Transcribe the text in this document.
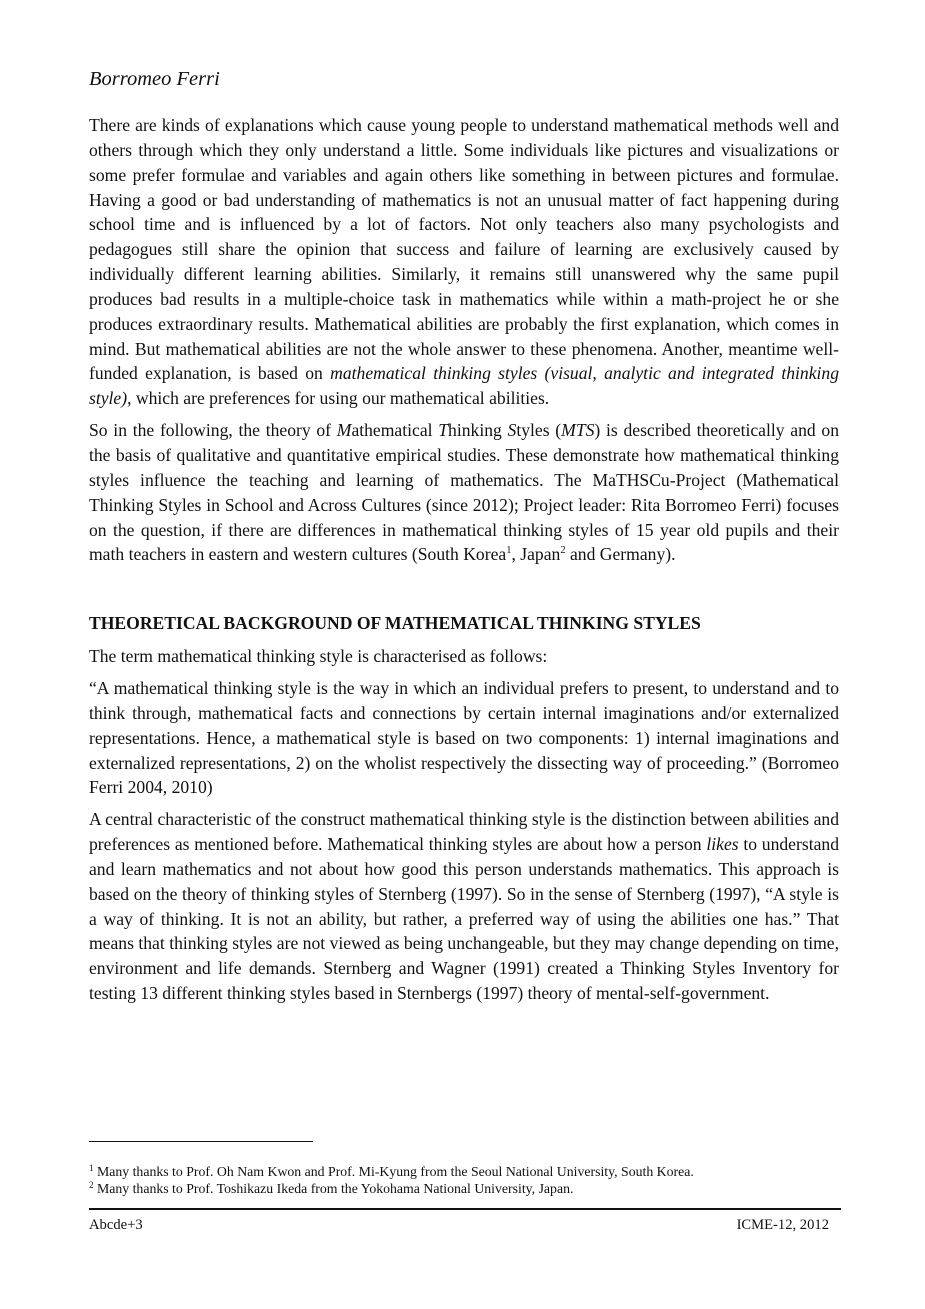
Borromeo Ferri

There are kinds of explanations which cause young people to understand mathematical methods well and others through which they only understand a little. Some individuals like pictures and visualizations or some prefer formulae and variables and again others like something in between pictures and formulae. Having a good or bad understanding of mathematics is not an unusual matter of fact happening during school time and is influenced by a lot of factors. Not only teachers also many psychologists and pedagogues still share the opinion that success and failure of learning are exclusively caused by individually different learning abilities. Similarly, it remains still unanswered why the same pupil produces bad results in a multiple-choice task in mathematics while within a math-project he or she produces extraordinary results. Mathematical abilities are probably the first explanation, which comes in mind. But mathematical abilities are not the whole answer to these phenomena. Another, meantime well-funded explanation, is based on mathematical thinking styles (visual, analytic and integrated thinking style), which are preferences for using our mathematical abilities.

So in the following, the theory of Mathematical Thinking Styles (MTS) is described theoretically and on the basis of qualitative and quantitative empirical studies. These demonstrate how mathematical thinking styles influence the teaching and learning of mathematics. The MaTHSCu-Project (Mathematical Thinking Styles in School and Across Cultures (since 2012); Project leader: Rita Borromeo Ferri) focuses on the question, if there are differences in mathematical thinking styles of 15 year old pupils and their math teachers in eastern and western cultures (South Korea$^1$, Japan$^2$ and Germany).

THEORETICAL BACKGROUND OF MATHEMATICAL THINKING STYLES

The term mathematical thinking style is characterised as follows:

“A mathematical thinking style is the way in which an individual prefers to present, to understand and to think through, mathematical facts and connections by certain internal imaginations and/or externalized representations. Hence, a mathematical style is based on two components: 1) internal imaginations and externalized representations, 2) on the wholist respectively the dissecting way of proceeding.” (Borromeo Ferri 2004, 2010)

A central characteristic of the construct mathematical thinking style is the distinction between abilities and preferences as mentioned before. Mathematical thinking styles are about how a person likes to understand and learn mathematics and not about how good this person understands mathematics. This approach is based on the theory of thinking styles of Sternberg (1997). So in the sense of Sternberg (1997), “A style is a way of thinking. It is not an ability, but rather, a preferred way of using the abilities one has.” That means that thinking styles are not viewed as being unchangeable, but they may change depending on time, environment and life demands. Sternberg and Wagner (1991) created a Thinking Styles Inventory for testing 13 different thinking styles based in Sternbergs (1997) theory of mental-self-government.

$^1$ Many thanks to Prof. Oh Nam Kwon and Prof. Mi-Kyung from the Seoul National University, South Korea.
$^2$ Many thanks to Prof. Toshikazu Ikeda from the Yokohama National University, Japan.
Abcde+3	ICME-12, 2012
